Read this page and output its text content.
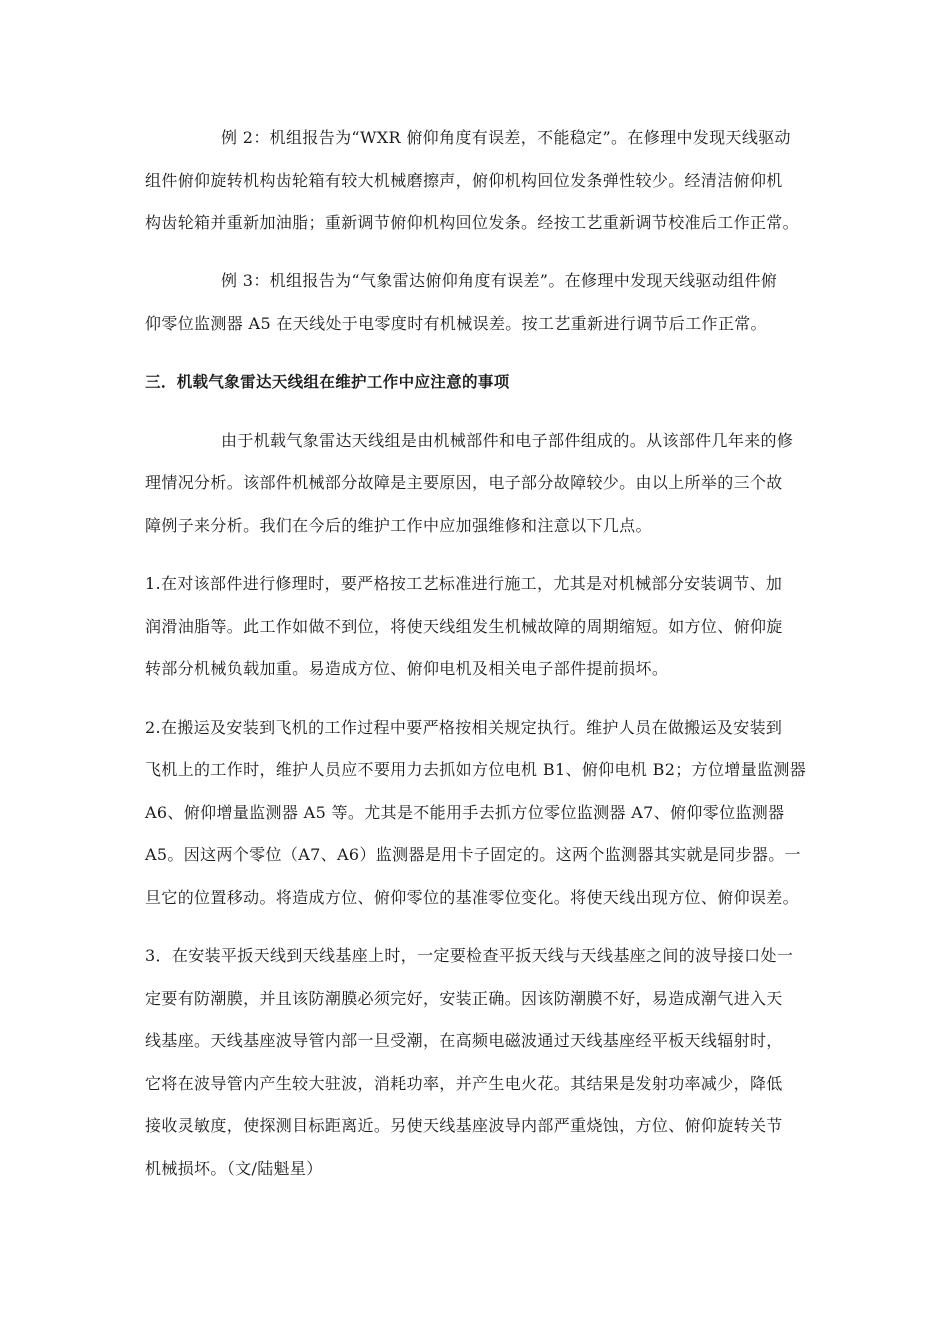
例 2：机组报告为“WXR 俯仰角度有误差，不能稳定”。在修理中发现天线驱动
组件俯仰旋转机构齿轮箱有较大机械磨擦声，俯仰机构回位发条弹性较少。经清洁俯仰机
构齿轮箱并重新加油脂；重新调节俯仰机构回位发条。经按工艺重新调节校准后工作正常。
例 3：机组报告为“气象雷达俯仰角度有误差”。在修理中发现天线驱动组件俯
仰零位监测器 A5 在天线处于电零度时有机械误差。按工艺重新进行调节后工作正常。
三．机载气象雷达天线组在维护工作中应注意的事项
由于机载气象雷达天线组是由机械部件和电子部件组成的。从该部件几年来的修
理情况分析。该部件机械部分故障是主要原因，电子部分故障较少。由以上所举的三个故
障例子来分析。我们在今后的维护工作中应加强维修和注意以下几点。
1.在对该部件进行修理时，要严格按工艺标准进行施工，尤其是对机械部分安装调节、加
润滑油脂等。此工作如做不到位，将使天线组发生机械故障的周期缩短。如方位、俯仰旋
转部分机械负载加重。易造成方位、俯仰电机及相关电子部件提前损坏。
2.在搬运及安装到飞机的工作过程中要严格按相关规定执行。维护人员在做搬运及安装到
飞机上的工作时，维护人员应不要用力去抓如方位电机 B1、俯仰电机 B2；方位增量监测器
A6、俯仰增量监测器 A5 等。尤其是不能用手去抓方位零位监测器 A7、俯仰零位监测器
A5。因这两个零位（A7、A6）监测器是用卡子固定的。这两个监测器其实就是同步器。一
旦它的位置移动。将造成方位、俯仰零位的基准零位变化。将使天线出现方位、俯仰误差。
3．在安装平扳天线到天线基座上时，一定要检查平扳天线与天线基座之间的波导接口处一
定要有防潮膜，并且该防潮膜必须完好，安装正确。因该防潮膜不好，易造成潮气进入天
线基座。天线基座波导管内部一旦受潮，在高频电磁波通过天线基座经平板天线辐射时，
它将在波导管内产生较大驻波，消耗功率，并产生电火花。其结果是发射功率减少，降低
接收灵敏度，使探测目标距离近。另使天线基座波导内部严重烧蚀，方位、俯仰旋转关节
机械损坏。（文/陆魁星）
